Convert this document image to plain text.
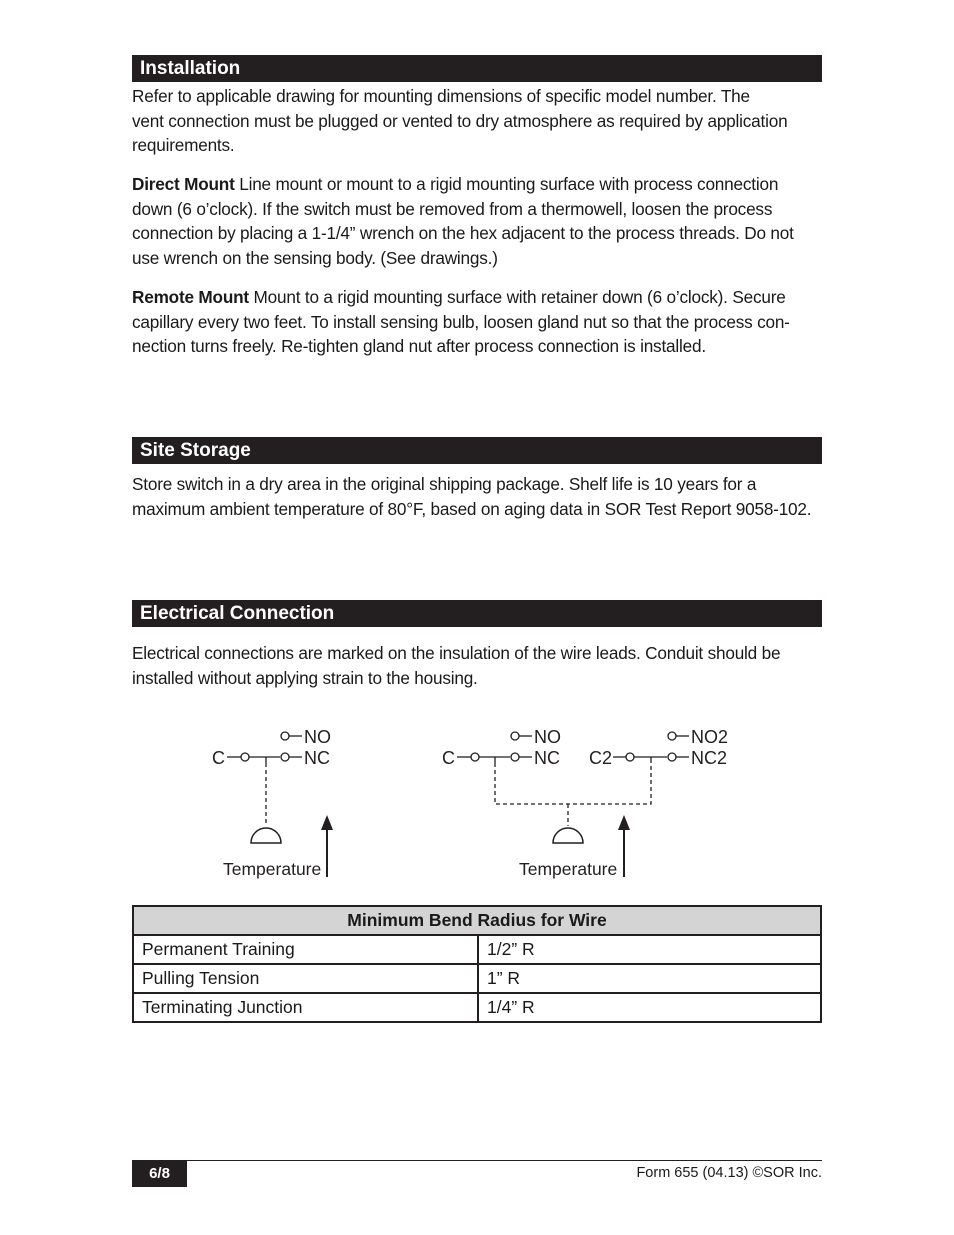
Installation
Refer to applicable drawing for mounting dimensions of specific model number. The
vent connection must be plugged or vented to dry atmosphere as required by application
requirements.
Direct Mount Line mount or mount to a rigid mounting surface with process connection
down (6 o’clock). If the switch must be removed from a thermowell, loosen the process
connection by placing a 1-1/4” wrench on the hex adjacent to the process threads. Do not
use wrench on the sensing body. (See drawings.)
Remote Mount Mount to a rigid mounting surface with retainer down (6 o’clock). Secure
capillary every two feet. To install sensing bulb, loosen gland nut so that the process con-
nection turns freely. Re-tighten gland nut after process connection is installed.
Site Storage
Store switch in a dry area in the original shipping package. Shelf life is 10 years for a
maximum ambient temperature of 80°F, based on aging data in SOR Test Report 9058-102.
Electrical Connection
Electrical connections are marked on the insulation of the wire leads. Conduit should be
installed without applying strain to the housing.
C
NO
NC
Temperature
C
NO
NC C2
NO2
NC2
Temperature
Minimum Bend Radius for Wire	
Permanent Training	1/2” R
Pulling Tension	1” R
Terminating Junction	1/4” R
6/8	Form 655 (04.13) ©SOR Inc.
